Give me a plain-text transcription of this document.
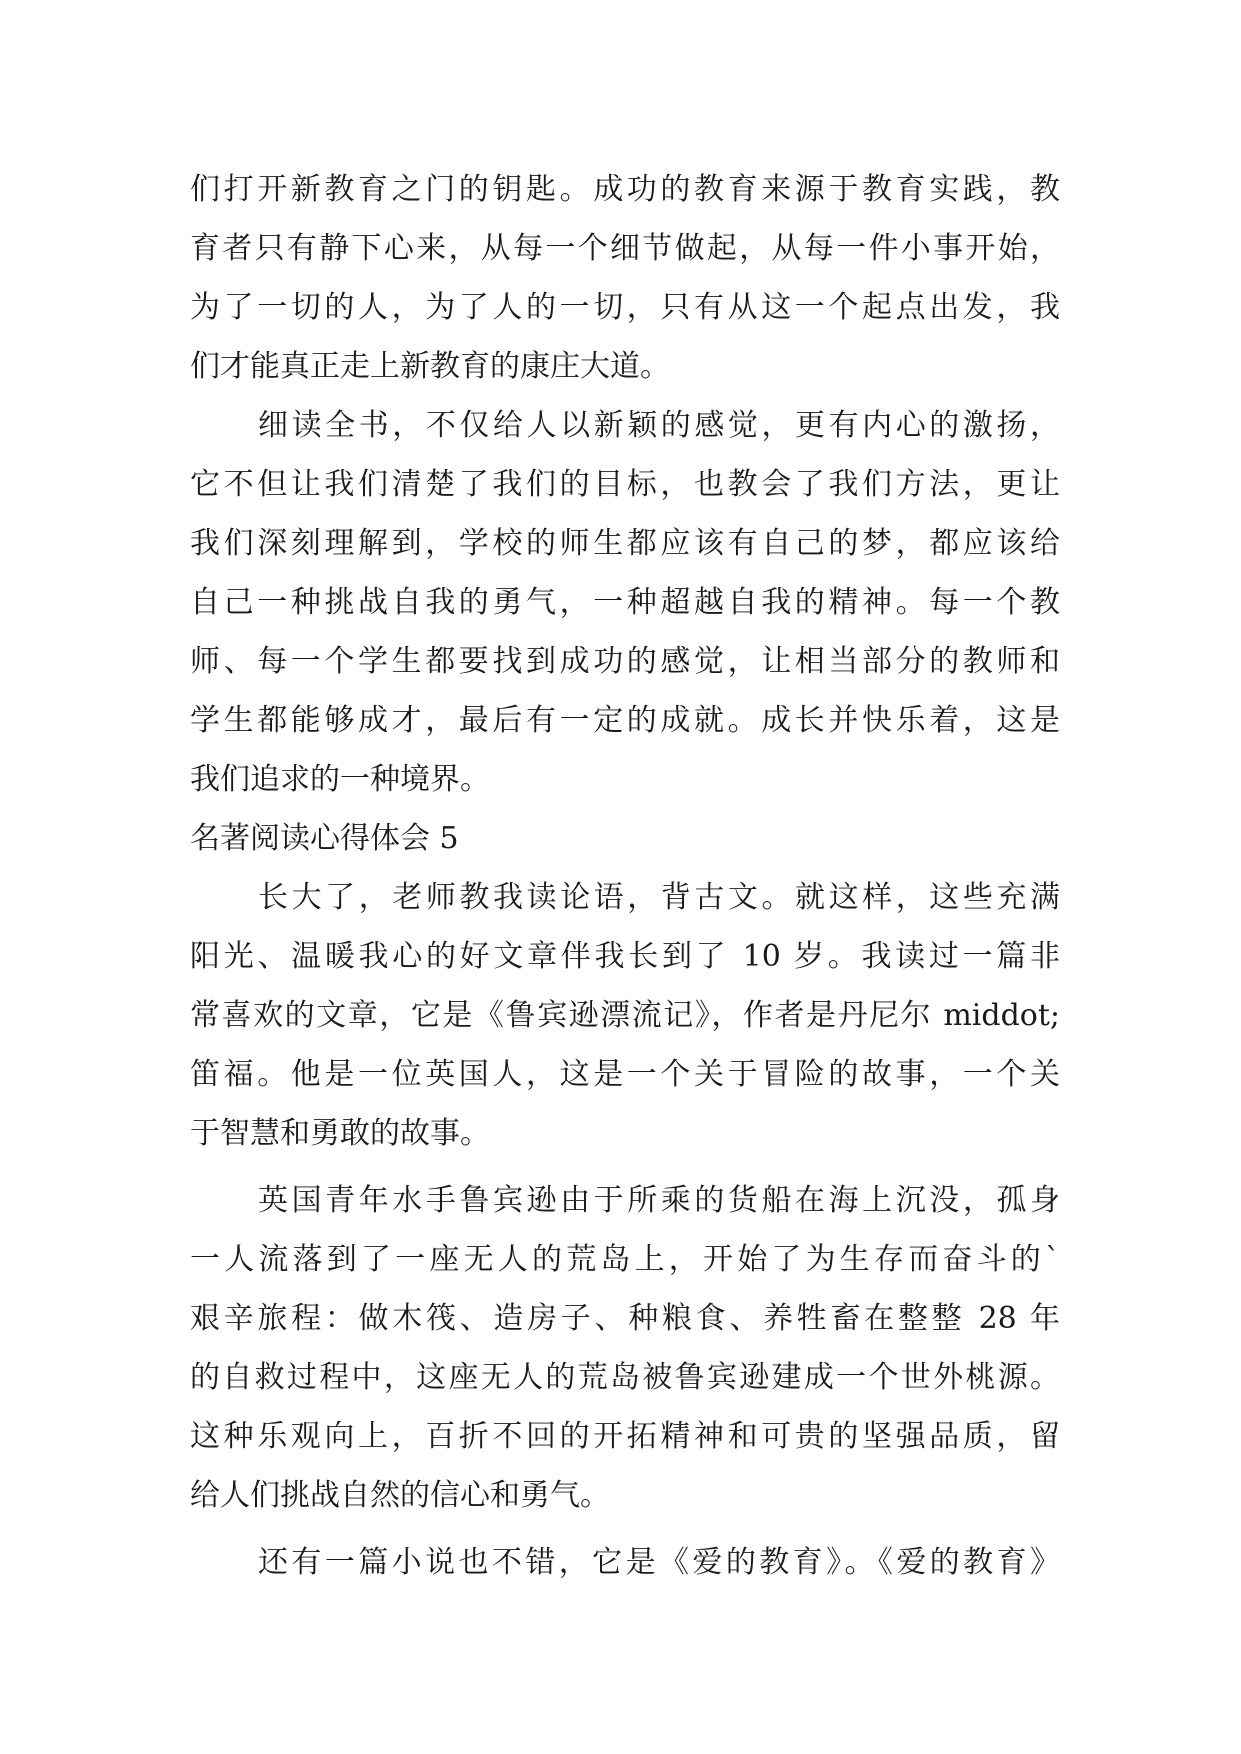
们打开新教育之门的钥匙。成功的教育来源于教育实践，教
育者只有静下心来，从每一个细节做起，从每一件小事开始，
为了一切的人，为了人的一切，只有从这一个起点出发，我
们才能真正走上新教育的康庄大道。
细读全书，不仅给人以新颖的感觉，更有内心的激扬，
它不但让我们清楚了我们的目标，也教会了我们方法，更让
我们深刻理解到，学校的师生都应该有自己的梦，都应该给
自己一种挑战自我的勇气，一种超越自我的精神。每一个教
师、每一个学生都要找到成功的感觉，让相当部分的教师和
学生都能够成才，最后有一定的成就。成长并快乐着，这是
我们追求的一种境界。
名著阅读心得体会 5
长大了，老师教我读论语，背古文。就这样，这些充满
阳光、温暖我心的好文章伴我长到了 10 岁。我读过一篇非
常喜欢的文章，它是《鲁宾逊漂流记》，作者是丹尼尔 middot;
笛福。他是一位英国人，这是一个关于冒险的故事，一个关
于智慧和勇敢的故事。
英国青年水手鲁宾逊由于所乘的货船在海上沉没，孤身
一人流落到了一座无人的荒岛上，开始了为生存而奋斗的`
艰辛旅程：做木筏、造房子、种粮食、养牲畜在整整 28 年
的自救过程中，这座无人的荒岛被鲁宾逊建成一个世外桃源。
这种乐观向上，百折不回的开拓精神和可贵的坚强品质，留
给人们挑战自然的信心和勇气。
还有一篇小说也不错，它是《爱的教育》。《爱的教育》
